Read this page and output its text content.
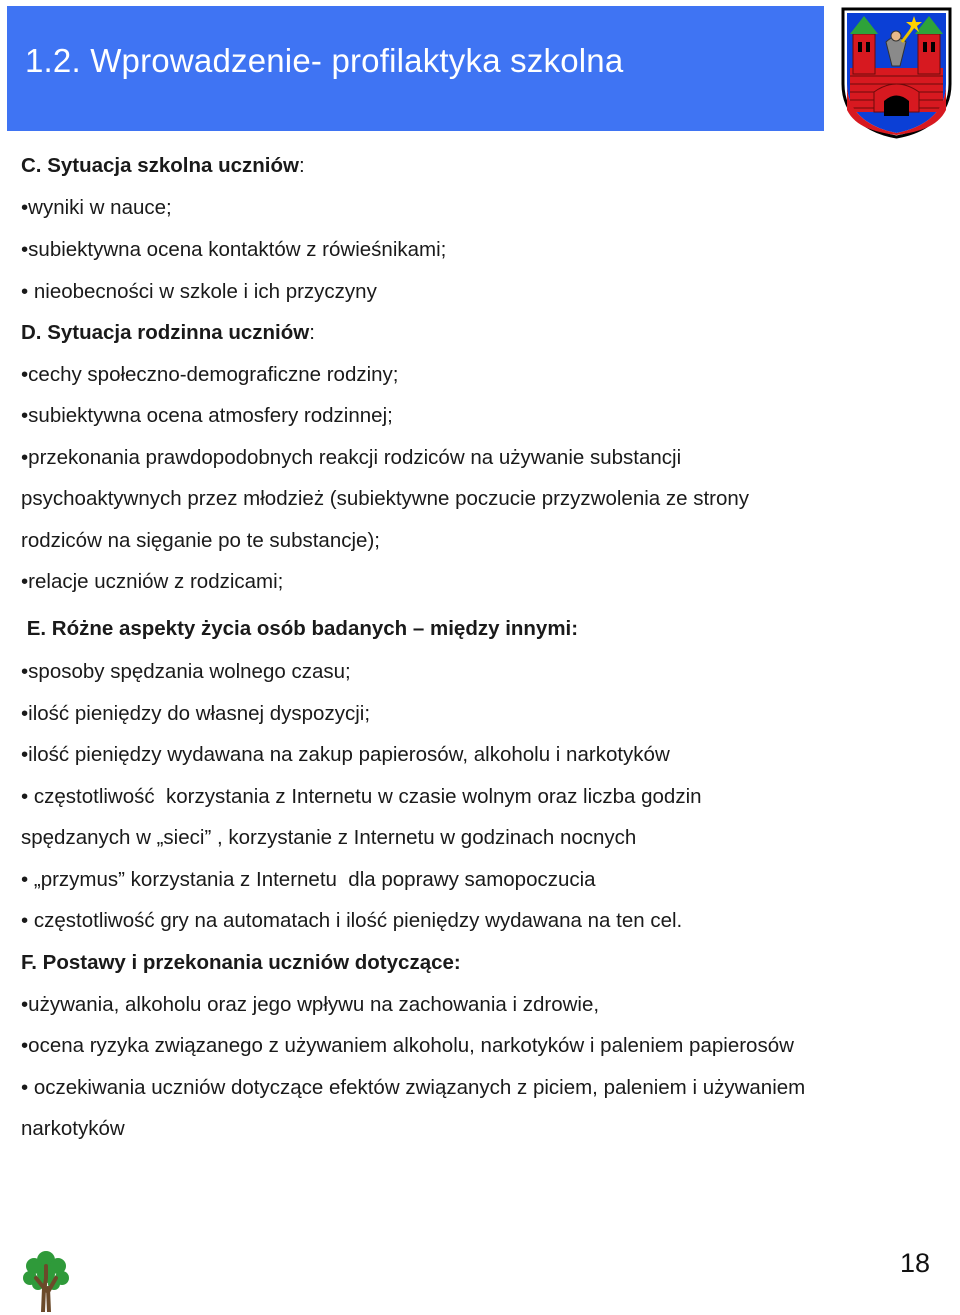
1.2. Wprowadzenie- profilaktyka szkolna
C. Sytuacja szkolna uczniów:
•wyniki w nauce;
•subiektywna ocena kontaktów z rówieśnikami;
• nieobecności w szkole i ich przyczyny
D. Sytuacja rodzinna uczniów:
•cechy społeczno-demograficzne rodziny;
•subiektywna ocena atmosfery rodzinnej;
•przekonania prawdopodobnych reakcji rodziców na używanie substancji
psychoaktywnych przez młodzież (subiektywne poczucie przyzwolenia ze strony
rodziców na sięganie po te substancje);
•relacje uczniów z rodzicami;
E. Różne aspekty życia osób badanych – między innymi:
•sposoby spędzania wolnego czasu;
•ilość pieniędzy do własnej dyspozycji;
•ilość pieniędzy wydawana na zakup papierosów, alkoholu i narkotyków
• częstotliwość  korzystania z Internetu w czasie wolnym oraz liczba godzin
spędzanych w „sieci” , korzystanie z Internetu w godzinach nocnych
• „przymus” korzystania z Internetu  dla poprawy samopoczucia
• częstotliwość gry na automatach i ilość pieniędzy wydawana na ten cel.
F. Postawy i przekonania uczniów dotyczące:
•używania, alkoholu oraz jego wpływu na zachowania i zdrowie,
•ocena ryzyka związanego z używaniem alkoholu, narkotyków i paleniem papierosów
• oczekiwania uczniów dotyczące efektów związanych z piciem, paleniem i używaniem
narkotyków
18
